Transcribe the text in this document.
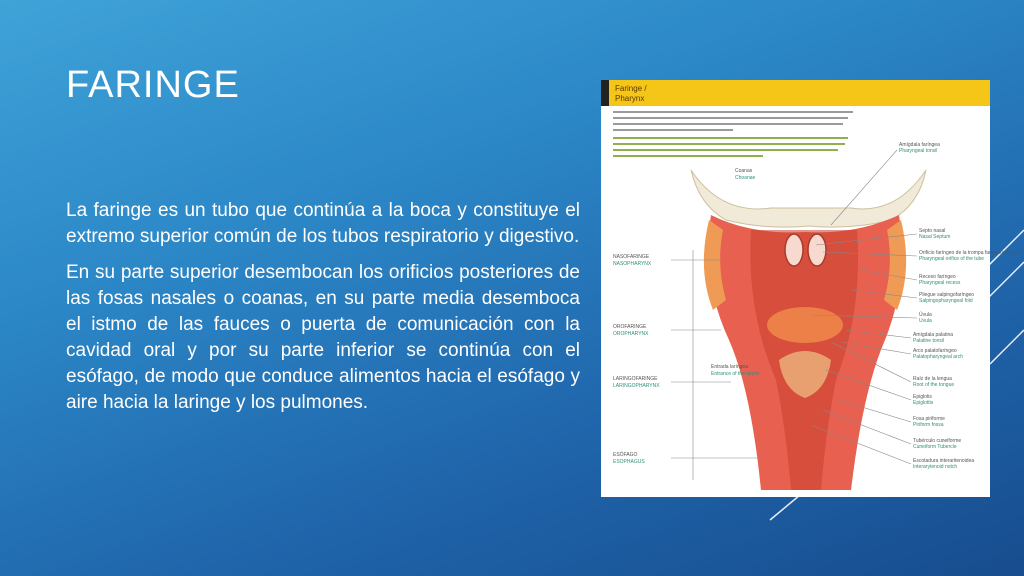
FARINGE

La faringe es un tubo que continúa a la boca y constituye el extremo superior común de los tubos respiratorio y digestivo.

En su parte superior desembocan los orificios posteriores de las fosas nasales o coanas, en su parte media desemboca el istmo de las fauces o puerta de comunicación con la cavidad oral y por su parte inferior se continúa con el esófago, de modo que conduce alimentos hacia el esófago y aire hacia la laringe y los pulmones.

Faringe /
Pharynx
NASOFARINGE
NASOPHARYNX
OROFARINGE
OROPHARYNX
LARINGOFARINGE
LARINGOPHARYNX
ESÓFAGO
ESOPHAGUS
Coanas
Choanae
Entrada laríngea
Entrance of the larynx
Amígdala faríngea
Pharyngeal tonsil
Septo nasal
Nasal Septum
Orificio faríngeo de la trompa faringotímpánica
Pharyngeal orifice of the tube
Receso faríngeo
Pharyngeal recess
Pliegue salpingofaríngeo
Salpingopharyngeal fold
Úvula
Uvula
Amígdala palatina
Palatine tonsil
Arco palatofaríngeo
Palatopharyngeal arch
Raíz de la lengua
Root of the tongue
Epiglotis
Epiglottis
Fosa piriforme
Piriform fossa
Tubérculo cuneiforme
Cuneiform Tubercle
Escotadura interaritenoidea
Interarytenoid notch
